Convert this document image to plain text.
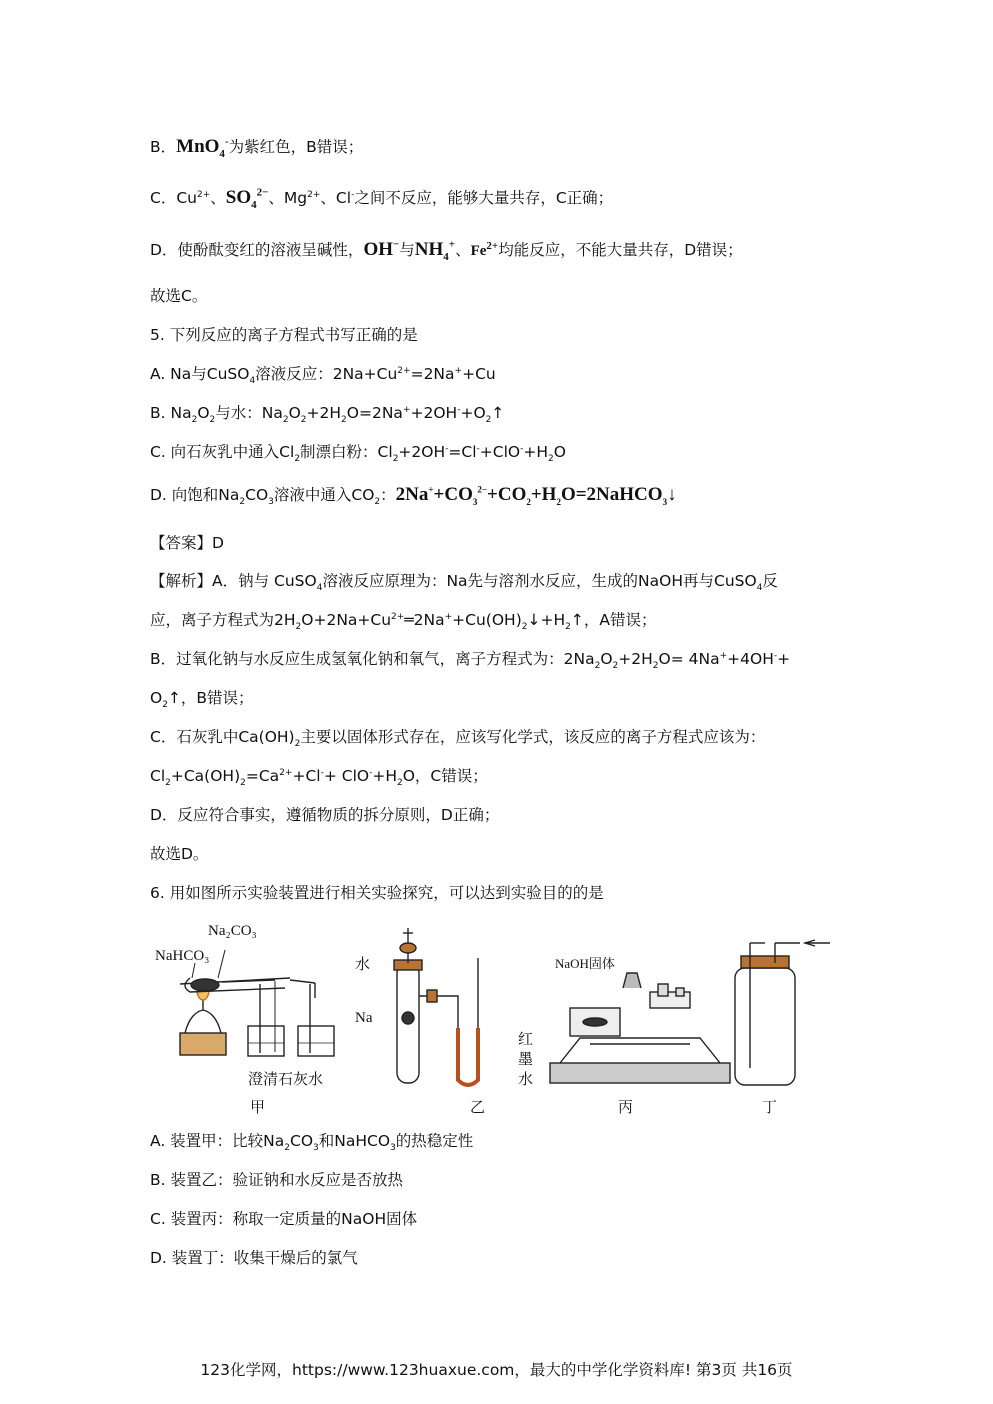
B．MnO$_4$-为紫红色，B错误；
C．$Cu^{2+}$、$SO_4^{2-}$、$Mg^{2+}$、Cl-之间不反应，能够大量共存，C正确；
D．使酚酞变红的溶液呈碱性，OH−与$NH_4^+$、$Fe^{2+}$均能反应，不能大量共存，D错误；
故选C。
5. 下列反应的离子方程式书写正确的是
A. Na与CuSO$_4$溶液反应：$2Na+Cu^{2+}=2Na^++Cu$
B. $Na_2O_2$与水：$Na_2O_2+2H_2O=2Na^++2OH^-+O_2↑$
C. 向石灰乳中通入$Cl_2$制漂白粉：$Cl_2+2OH^-=Cl^-+ClO^-+H_2O$
D. 向饱和$Na_2CO_3$溶液中通入$CO_2$：$2Na^++CO_3^{2-}+CO_2+H_2O=2NaHCO_3↓$
【答案】D
【解析】A．钠与 CuSO$_4$溶液反应原理为：Na先与溶剂水反应，生成的NaOH再与CuSO$_4$反
应，离子方程式为$2H_2O+2Na+Cu^{2+}═2Na^++Cu(OH)_2↓+H_2↑$，A错误；
B．过氧化钠与水反应生成氢氧化钠和氧气，离子方程式为：$2Na_2O_2+2H_2O= 4Na^++4OH^-+$
$O_2↑$，B错误；
C．石灰乳中$Ca(OH)_2$主要以固体形式存在，应该写化学式，该反应的离子方程式应该为：
$Cl_2+Ca(OH)_2=Ca^{2+}+Cl^-+ ClO^-+H_2O$，C错误；
D．反应符合事实，遵循物质的拆分原则，D正确；
故选D。
6. 用如图所示实验装置进行相关实验探究，可以达到实验目的的是
Na₂CO₃
NaHCO₃
澄清石灰水
甲
水
Na
红
墨
水
乙
NaOH固体
丙	丁
A. 装置甲：比较$Na_2CO_3$和NaHCO$_3$的热稳定性
B. 装置乙：验证钠和水反应是否放热
C. 装置丙：称取一定质量的NaOH固体
D. 装置丁：收集干燥后的氯气
123化学网，https://www.123huaxue.com，最大的中学化学资料库! 第3页 共16页
